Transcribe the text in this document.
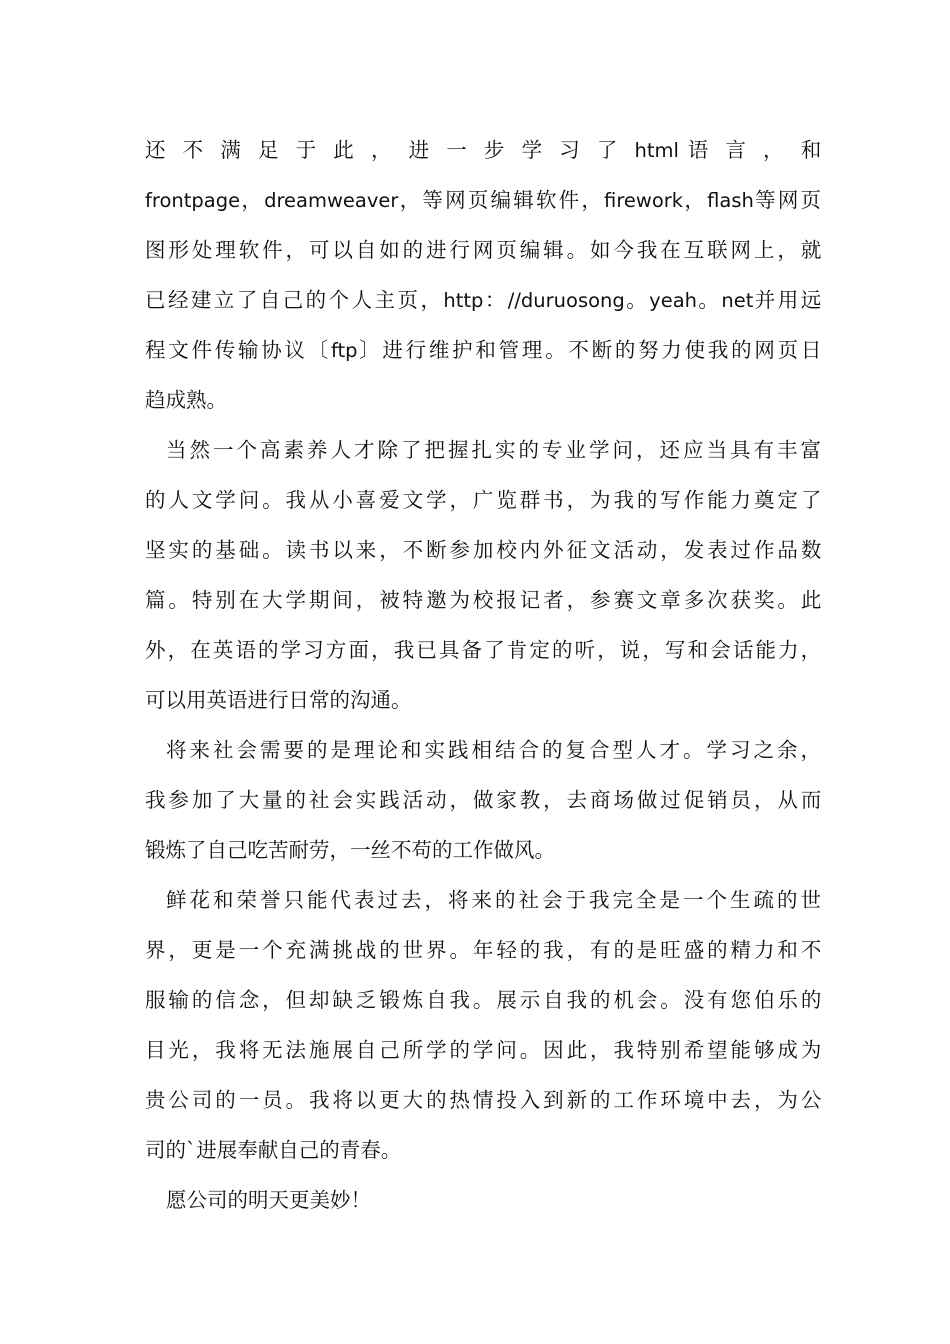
还 不 满 足 于 此 ， 进 一 步 学 习 了 html 语 言 ， 和
frontpage ， dreamweaver ， 等 网 页 编 辑 软 件 ， firework ， flash 等 网 页
图 形 处 理 软 件 ， 可 以 自 如 的 进 行 网 页 编 辑 。 如 今 我 在 互 联 网 上 ， 就
已 经 建 立 了 自 己 的 个 人 主 页 ， http ： //duruosong 。 yeah 。 net 并 用 远
程 文 件 传 输 协 议 〔 ftp 〕 进 行 维 护 和 管 理 。 不 断 的 努 力 使 我 的 网 页 日
趋成熟。
当 然 一 个 高 素 养 人 才 除 了 把 握 扎 实 的 专 业 学 问 ， 还 应 当 具 有 丰 富
的 人 文 学 问 。 我 从 小 喜 爱 文 学 ， 广 览 群 书 ， 为 我 的 写 作 能 力 奠 定 了
坚 实 的 基 础 。 读 书 以 来 ， 不 断 参 加 校 内 外 征 文 活 动 ， 发 表 过 作 品 数
篇 。 特 别 在 大 学 期 间 ， 被 特 邀 为 校 报 记 者 ， 参 赛 文 章 多 次 获 奖 。 此
外 ， 在 英 语 的 学 习 方 面 ， 我 已 具 备 了 肯 定 的 听 ， 说 ， 写 和 会 话 能 力 ，
可以用英语进行日常的沟通。
将 来 社 会 需 要 的 是 理 论 和 实 践 相 结 合 的 复 合 型 人 才 。 学 习 之 余 ，
我 参 加 了 大 量 的 社 会 实 践 活 动 ， 做 家 教 ， 去 商 场 做 过 促 销 员 ， 从 而
锻炼了自己吃苦耐劳，一丝不苟的工作做风。
鲜 花 和 荣 誉 只 能 代 表 过 去 ， 将 来 的 社 会 于 我 完 全 是 一 个 生 疏 的 世
界 ， 更 是 一 个 充 满 挑 战 的 世 界 。 年 轻 的 我 ， 有 的 是 旺 盛 的 精 力 和 不
服 输 的 信 念 ， 但 却 缺 乏 锻 炼 自 我 。 展 示 自 我 的 机 会 。 没 有 您 伯 乐 的
目 光 ， 我 将 无 法 施 展 自 己 所 学 的 学 问 。 因 此 ， 我 特 别 希 望 能 够 成 为
贵 公 司 的 一 员 。 我 将 以 更 大 的 热 情 投 入 到 新 的 工 作 环 境 中 去 ， 为 公
司的`进展奉献自己的青春。
愿公司的明天更美妙！
